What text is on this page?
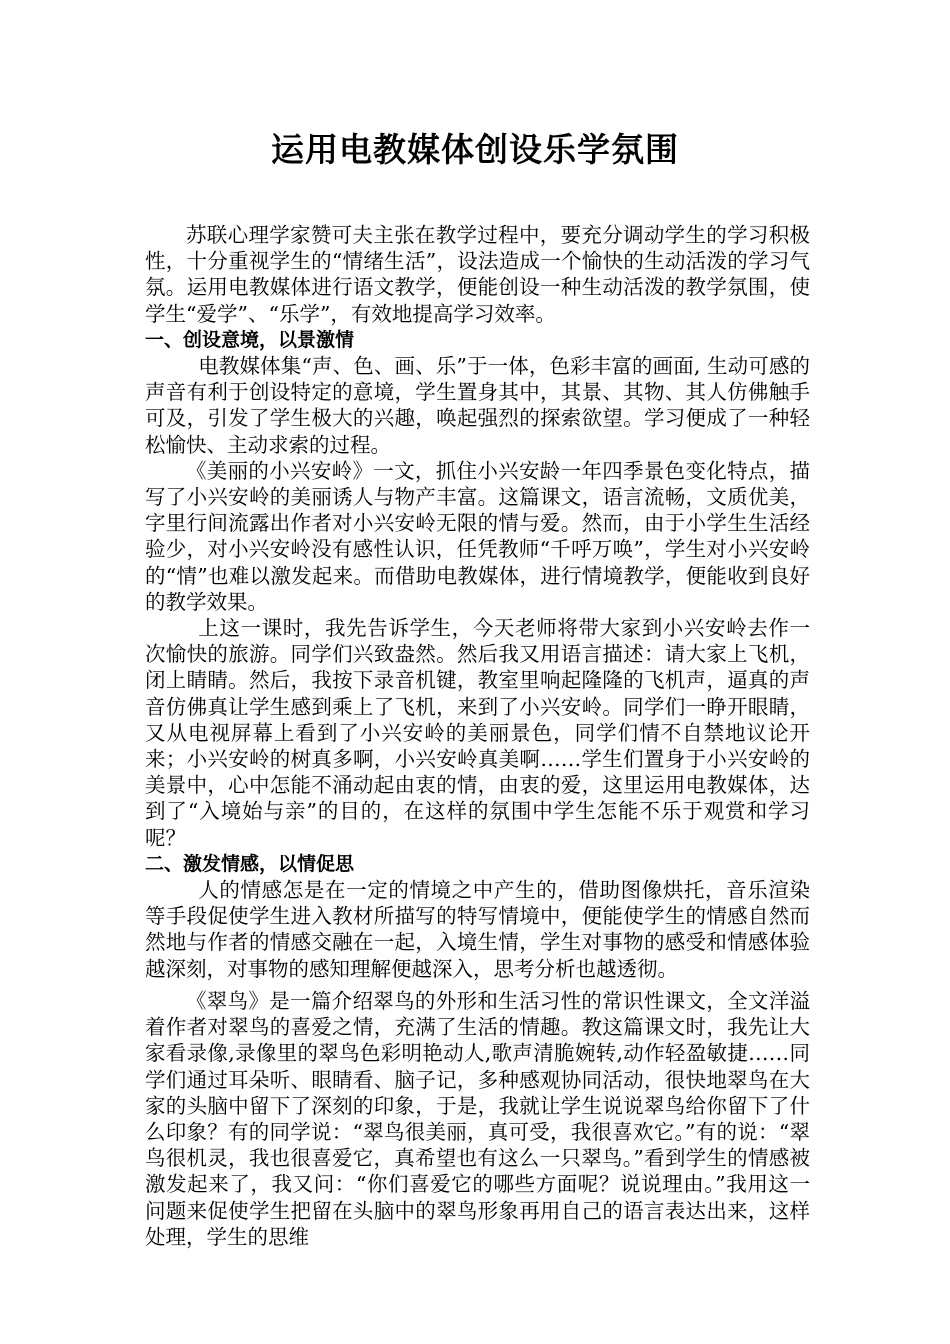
运用电教媒体创设乐学氛围

苏联心理学家赞可夫主张在教学过程中，要充分调动学生的学习积极性，十分重视学生的“情绪生活”，设法造成一个愉快的生动活泼的学习气氛。运用电教媒体进行语文教学，便能创设一种生动活泼的教学氛围，使学生“爱学”、“乐学”，有效地提高学习效率。

一、创设意境，以景激情

电教媒体集“声、色、画、乐”于一体，色彩丰富的画面, 生动可感的声音有利于创设特定的意境，学生置身其中，其景、其物、其人仿佛触手可及，引发了学生极大的兴趣，唤起强烈的探索欲望。学习便成了一种轻松愉快、主动求索的过程。

《美丽的小兴安岭》一文，抓住小兴安龄一年四季景色变化特点，描写了小兴安岭的美丽诱人与物产丰富。这篇课文，语言流畅，文质优美，字里行间流露出作者对小兴安岭无限的情与爱。然而，由于小学生生活经验少，对小兴安岭没有感性认识，任凭教师“千呼万唤”，学生对小兴安岭的“情”也难以激发起来。而借助电教媒体，进行情境教学，便能收到良好的教学效果。

上这一课时，我先告诉学生，今天老师将带大家到小兴安岭去作一次愉快的旅游。同学们兴致盎然。然后我又用语言描述：请大家上飞机，闭上睛睛。然后，我按下录音机键，教室里响起隆隆的飞机声，逼真的声音仿佛真让学生感到乘上了飞机，来到了小兴安岭。同学们一睁开眼睛，又从电视屏幕上看到了小兴安岭的美丽景色，同学们情不自禁地议论开来；小兴安岭的树真多啊，小兴安岭真美啊……学生们置身于小兴安岭的美景中，心中怎能不涌动起由衷的情，由衷的爱，这里运用电教媒体，达到了“入境始与亲”的目的，在这样的氛围中学生怎能不乐于观赏和学习呢？

二、激发情感，以情促思

人的情感怎是在一定的情境之中产生的，借助图像烘托，音乐渲染等手段促使学生进入教材所描写的特写情境中，便能使学生的情感自然而然地与作者的情感交融在一起，入境生情，学生对事物的感受和情感体验越深刻，对事物的感知理解便越深入，思考分析也越透彻。

《翠鸟》是一篇介绍翠鸟的外形和生活习性的常识性课文，全文洋溢着作者对翠鸟的喜爱之情，充满了生活的情趣。教这篇课文时，我先让大家看录像,录像里的翠鸟色彩明艳动人,歌声清脆婉转,动作轻盈敏捷……同学们通过耳朵听、眼睛看、脑子记，多种感观协同活动，很快地翠鸟在大家的头脑中留下了深刻的印象，于是，我就让学生说说翠鸟给你留下了什么印象？有的同学说：“翠鸟很美丽，真可受，我很喜欢它。”有的说：“翠鸟很机灵，我也很喜爱它，真希望也有这么一只翠鸟。”看到学生的情感被激发起来了，我又问：“你们喜爱它的哪些方面呢？说说理由。”我用这一问题来促使学生把留在头脑中的翠鸟形象再用自己的语言表达出来，这样处理，学生的思维
